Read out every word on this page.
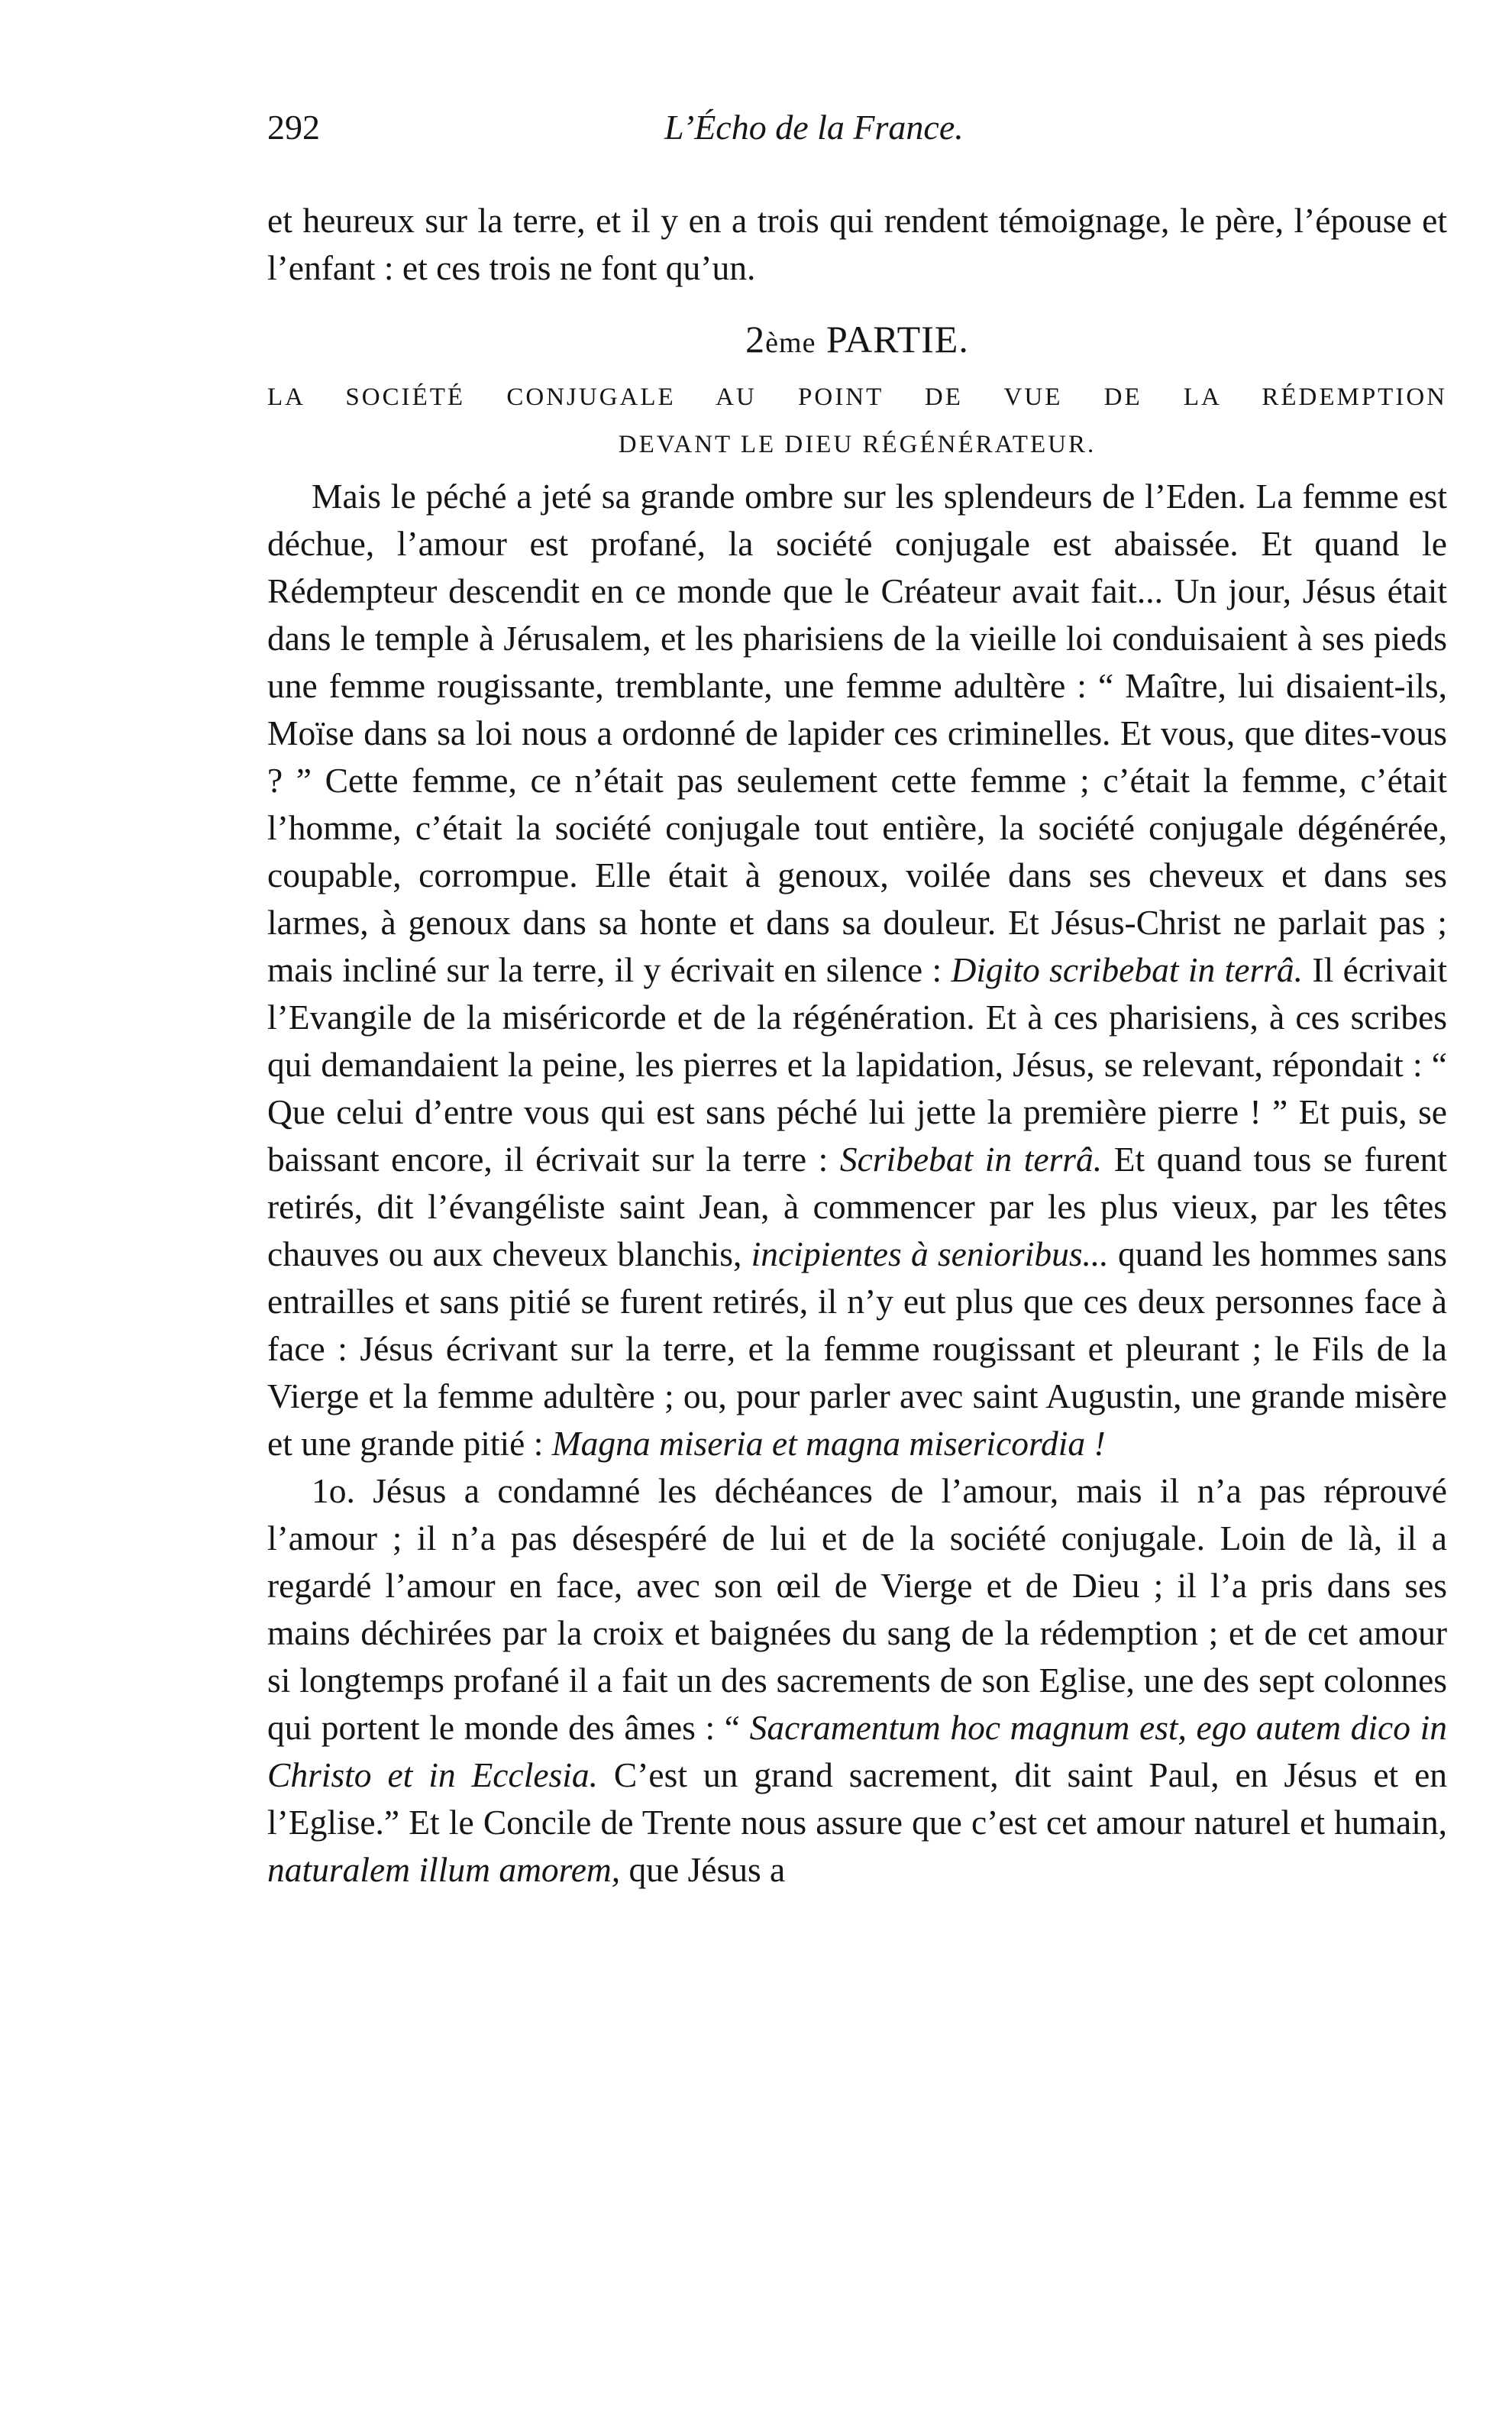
292	L’Écho de la France.

et heureux sur la terre, et il y en a trois qui rendent témoignage, le père, l’épouse et l’enfant : et ces trois ne font qu’un.

2ème PARTIE.

LA SOCIÉTÉ CONJUGALE AU POINT DE VUE DE LA RÉDEMPTION
DEVANT LE DIEU RÉGÉNÉRATEUR.

Mais le péché a jeté sa grande ombre sur les splendeurs de l’Eden. La femme est déchue, l’amour est profané, la société conjugale est abaissée. Et quand le Rédempteur descendit en ce monde que le Créateur avait fait... Un jour, Jésus était dans le temple à Jérusalem, et les pharisiens de la vieille loi conduisaient à ses pieds une femme rougissante, tremblante, une femme adultère : “ Maître, lui disaient-ils, Moïse dans sa loi nous a ordonné de lapider ces criminelles. Et vous, que dites-vous ? ” Cette femme, ce n’était pas seulement cette femme ; c’était la femme, c’était l’homme, c’était la société conjugale tout entière, la société conjugale dégénérée, coupable, corrompue. Elle était à genoux, voilée dans ses cheveux et dans ses larmes, à genoux dans sa honte et dans sa douleur. Et Jésus-Christ ne parlait pas ; mais incliné sur la terre, il y écrivait en silence : Digito scribebat in terrâ. Il écrivait l’Evangile de la miséricorde et de la régénération. Et à ces pharisiens, à ces scribes qui demandaient la peine, les pierres et la lapidation, Jésus, se relevant, répondait : “ Que celui d’entre vous qui est sans péché lui jette la première pierre ! ” Et puis, se baissant encore, il écrivait sur la terre : Scribebat in terrâ. Et quand tous se furent retirés, dit l’évangéliste saint Jean, à commencer par les plus vieux, par les têtes chauves ou aux cheveux blanchis, incipientes à senioribus... quand les hommes sans entrailles et sans pitié se furent retirés, il n’y eut plus que ces deux personnes face à face : Jésus écrivant sur la terre, et la femme rougissant et pleurant ; le Fils de la Vierge et la femme adultère ; ou, pour parler avec saint Augustin, une grande misère et une grande pitié : Magna miseria et magna misericordia !

1o. Jésus a condamné les déchéances de l’amour, mais il n’a pas réprouvé l’amour ; il n’a pas désespéré de lui et de la société conjugale. Loin de là, il a regardé l’amour en face, avec son œil de Vierge et de Dieu ; il l’a pris dans ses mains déchirées par la croix et baignées du sang de la rédemption ; et de cet amour si longtemps profané il a fait un des sacrements de son Eglise, une des sept colonnes qui portent le monde des âmes : “ Sacramentum hoc magnum est, ego autem dico in Christo et in Ecclesia. C’est un grand sacrement, dit saint Paul, en Jésus et en l’Eglise.” Et le Concile de Trente nous assure que c’est cet amour naturel et humain, naturalem illum amorem, que Jésus a
